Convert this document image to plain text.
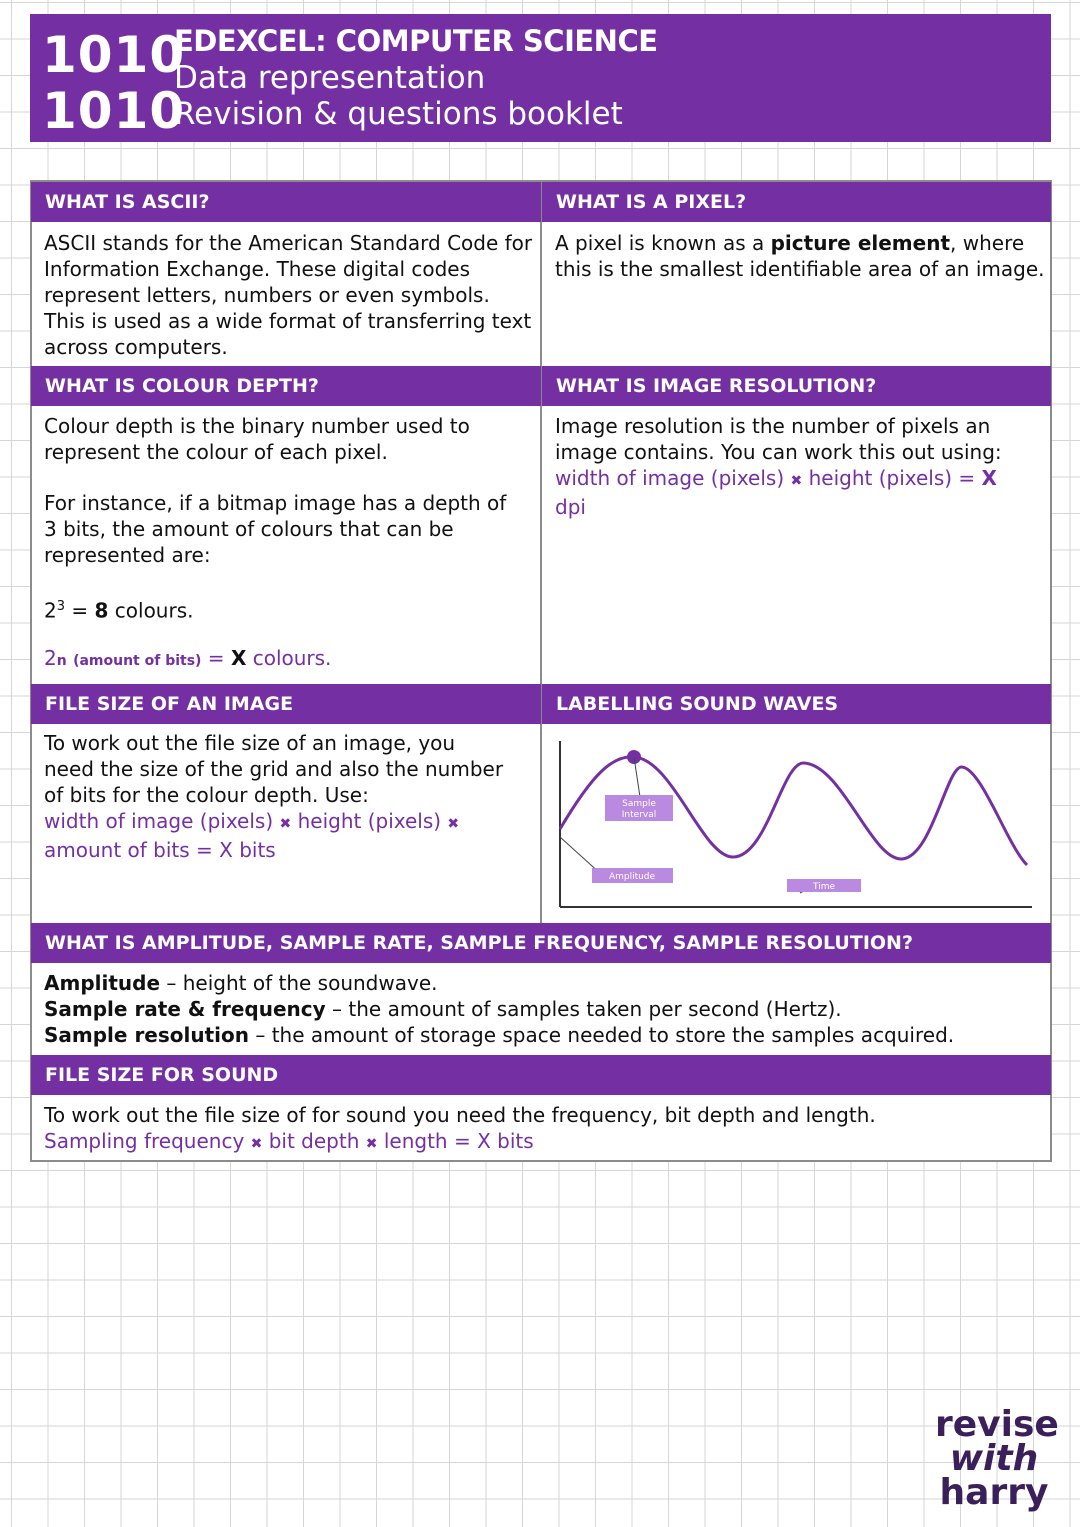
1010
1010
EDEXCEL: COMPUTER SCIENCE
Data representation
Revision & questions booklet
WHAT IS ASCII?	WHAT IS A PIXEL?
ASCII stands for the American Standard Code for Information Exchange. These digital codes represent letters, numbers or even symbols. This is used as a wide format of transferring text across computers.
A pixel is known as a picture element, where this is the smallest identifiable area of an image.
WHAT IS COLOUR DEPTH?	WHAT IS IMAGE RESOLUTION?
Colour depth is the binary number used to represent the colour of each pixel.
For instance, if a bitmap image has a depth of 3 bits, the amount of colours that can be represented are:
$2^3 = 8$ colours.
2n (amount of bits) = X colours.
Image resolution is the number of pixels an image contains. You can work this out using:
width of image (pixels) ✖ height (pixels) = X
dpi
FILE SIZE OF AN IMAGE	LABELLING SOUND WAVES
To work out the file size of an image, you need the size of the grid and also the number of bits for the colour depth. Use:
width of image (pixels) ✖ height (pixels) ✖
amount of bits = X bits
Sample
Interval
Amplitude
Time
WHAT IS AMPLITUDE, SAMPLE RATE, SAMPLE FREQUENCY, SAMPLE RESOLUTION?
Amplitude – height of the soundwave.
Sample rate & frequency – the amount of samples taken per second (Hertz).
Sample resolution – the amount of storage space needed to store the samples acquired.
FILE SIZE FOR SOUND
To work out the file size of for sound you need the frequency, bit depth and length.
Sampling frequency ✖ bit depth ✖ length = X bits
revise
with
harry
